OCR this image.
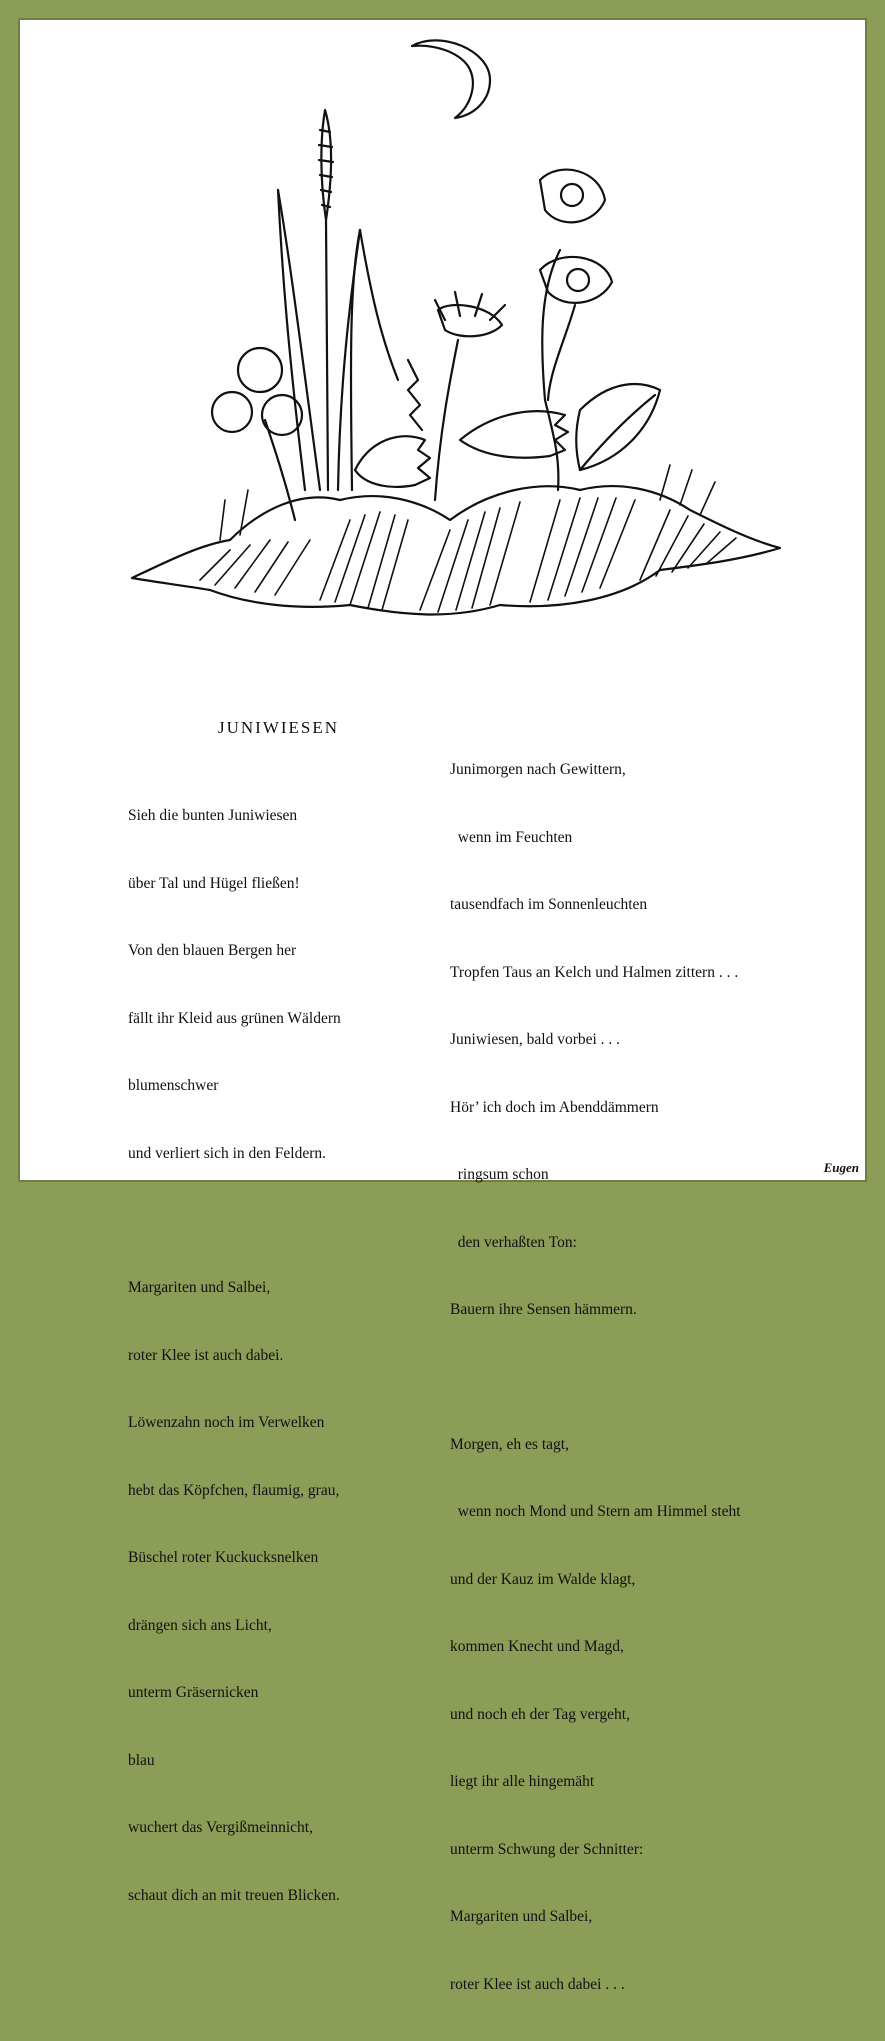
JUNIWIESEN

Sieh die bunten Juniwiesen

über Tal und Hügel fließen!

Von den blauen Bergen her

fällt ihr Kleid aus grünen Wäldern

blumenschwer

und verliert sich in den Feldern.

Margariten und Salbei,

roter Klee ist auch dabei.

Löwenzahn noch im Verwelken

hebt das Köpfchen, flaumig, grau,

Büschel roter Kuckucksnelken

drängen sich ans Licht,

unterm Gräsernicken

blau

wuchert das Vergißmeinnicht,

schaut dich an mit treuen Blicken.

Junimorgen nach Gewittern,

wenn im Feuchten

tausendfach im Sonnenleuchten

Tropfen Taus an Kelch und Halmen zittern . . .

Juniwiesen, bald vorbei . . .

Hör’ ich doch im Abenddämmern

ringsum schon

den verhaßten Ton:

Bauern ihre Sensen hämmern.

Morgen, eh es tagt,

wenn noch Mond und Stern am Himmel steht

und der Kauz im Walde klagt,

kommen Knecht und Magd,

und noch eh der Tag vergeht,

liegt ihr alle hingemäht

unterm Schwung der Schnitter:

Margariten und Salbei,

roter Klee ist auch dabei . . .

Eugen
